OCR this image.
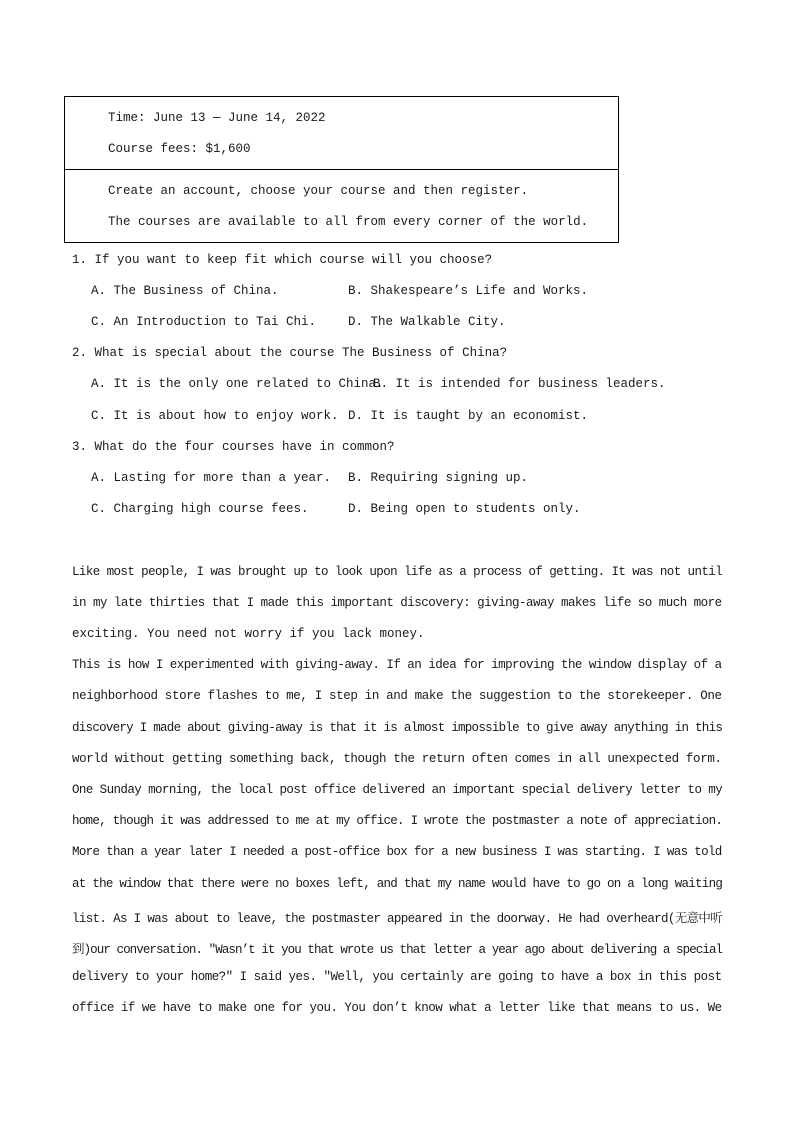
Time: June 13 — June 14, 2022
Course fees: $1,600
Create an account, choose your course and then register.
The courses are available to all from every corner of the world.
1. If you want to keep fit which course will you choose?
A. The Business of China.	B. Shakespeare’s Life and Works.
C. An Introduction to Tai Chi.	D. The Walkable City.
2. What is special about the course The Business of China?
A. It is the only one related to China.
B. It is intended for business leaders.
C. It is about how to enjoy work. D. It is taught by an economist.
3. What do the four courses have in common?
A. Lasting for more than a year. B. Requiring signing up.
C. Charging high course fees.	D. Being open to students only.
Like most people, I was brought up to look upon life as a process of getting. It was not until
in my late thirties that I made this important discovery: giving-away makes life so much more
exciting. You need not worry if you lack money.
This is how I experimented with giving-away. If an idea for improving the window display of a
neighborhood store flashes to me, I step in and make the suggestion to the storekeeper. One
discovery I made about giving-away is that it is almost impossible to give away anything in this
world without getting something back, though the return often comes in all unexpected form.
One Sunday morning, the local post office delivered an important special delivery letter to my
home, though it was addressed to me at my office. I wrote the postmaster a note of appreciation.
More than a year later I needed a post-office box for a new business I was starting. I was told
at the window that there were no boxes left, and that my name would have to go on a long waiting
list. As I was about to leave, the postmaster appeared in the doorway. He had overheard(无意中听
到)our conversation. "Wasn’t it you that wrote us that letter a year ago about delivering a special
delivery to your home?" I said yes. "Well, you certainly are going to have a box in this post
office if we have to make one for you. You don’t know what a letter like that means to us. We
